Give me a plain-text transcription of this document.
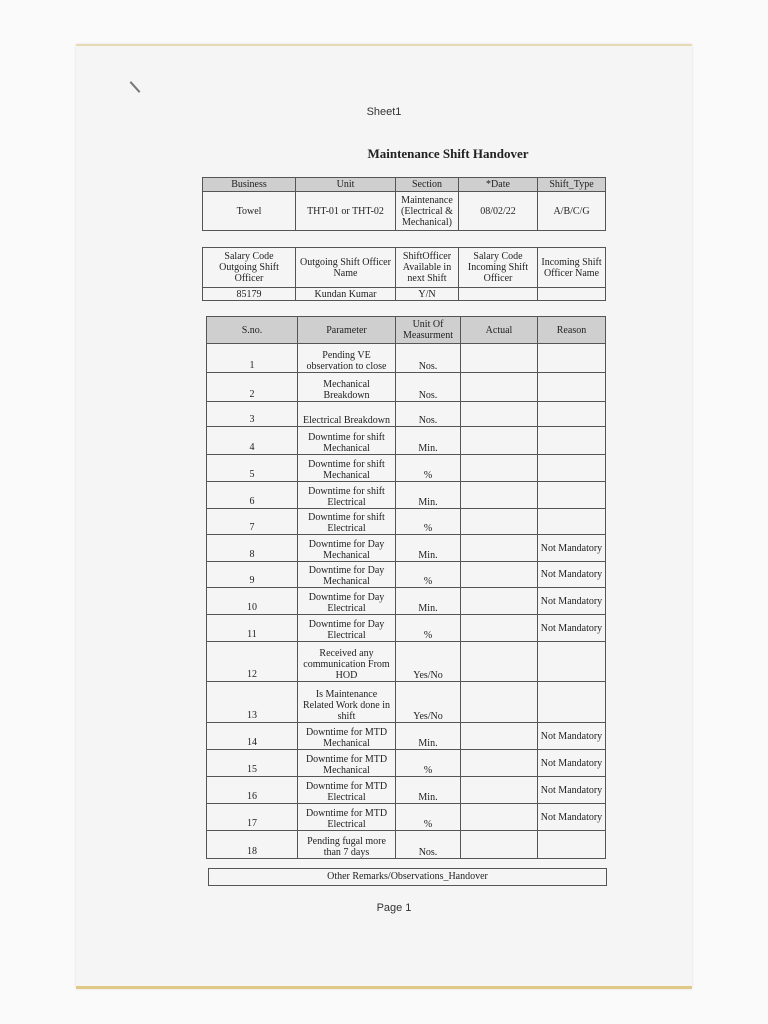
Sheet1
Maintenance Shift Handover
Business	Unit	Section	*Date	Shift_Type
Towel	THT-01 or THT-02	Maintenance (Electrical & Mechanical)	08/02/22	A/B/C/G
Salary Code Outgoing Shift Officer	Outgoing Shift Officer Name	ShiftOfficer Available in next Shift	Salary Code Incoming Shift Officer	Incoming Shift Officer Name
85179	Kundan Kumar	Y/N		
S.no.	Parameter	Unit Of Measurment	Actual	Reason
1	Pending VE observation to close	Nos.		
2	Mechanical Breakdown	Nos.		
3	Electrical Breakdown	Nos.		
4	Downtime for shift Mechanical	Min.		
5	Downtime for shift Mechanical	%		
6	Downtime for shift Electrical	Min.		
7	Downtime for shift Electrical	%		
8	Downtime for Day Mechanical	Min.		Not Mandatory
9	Downtime for Day Mechanical	%		Not Mandatory
10	Downtime for Day Electrical	Min.		Not Mandatory
11	Downtime for Day Electrical	%		Not Mandatory
12	Received any communication From HOD	Yes/No		
13	Is Maintenance Related Work done in shift	Yes/No		
14	Downtime for MTD Mechanical	Min.		Not Mandatory
15	Downtime for MTD Mechanical	%		Not Mandatory
16	Downtime for MTD Electrical	Min.		Not Mandatory
17	Downtime for MTD Electrical	%		Not Mandatory
18	Pending fugal more than 7 days	Nos.		
Other Remarks/Observations_Handover
Page 1
